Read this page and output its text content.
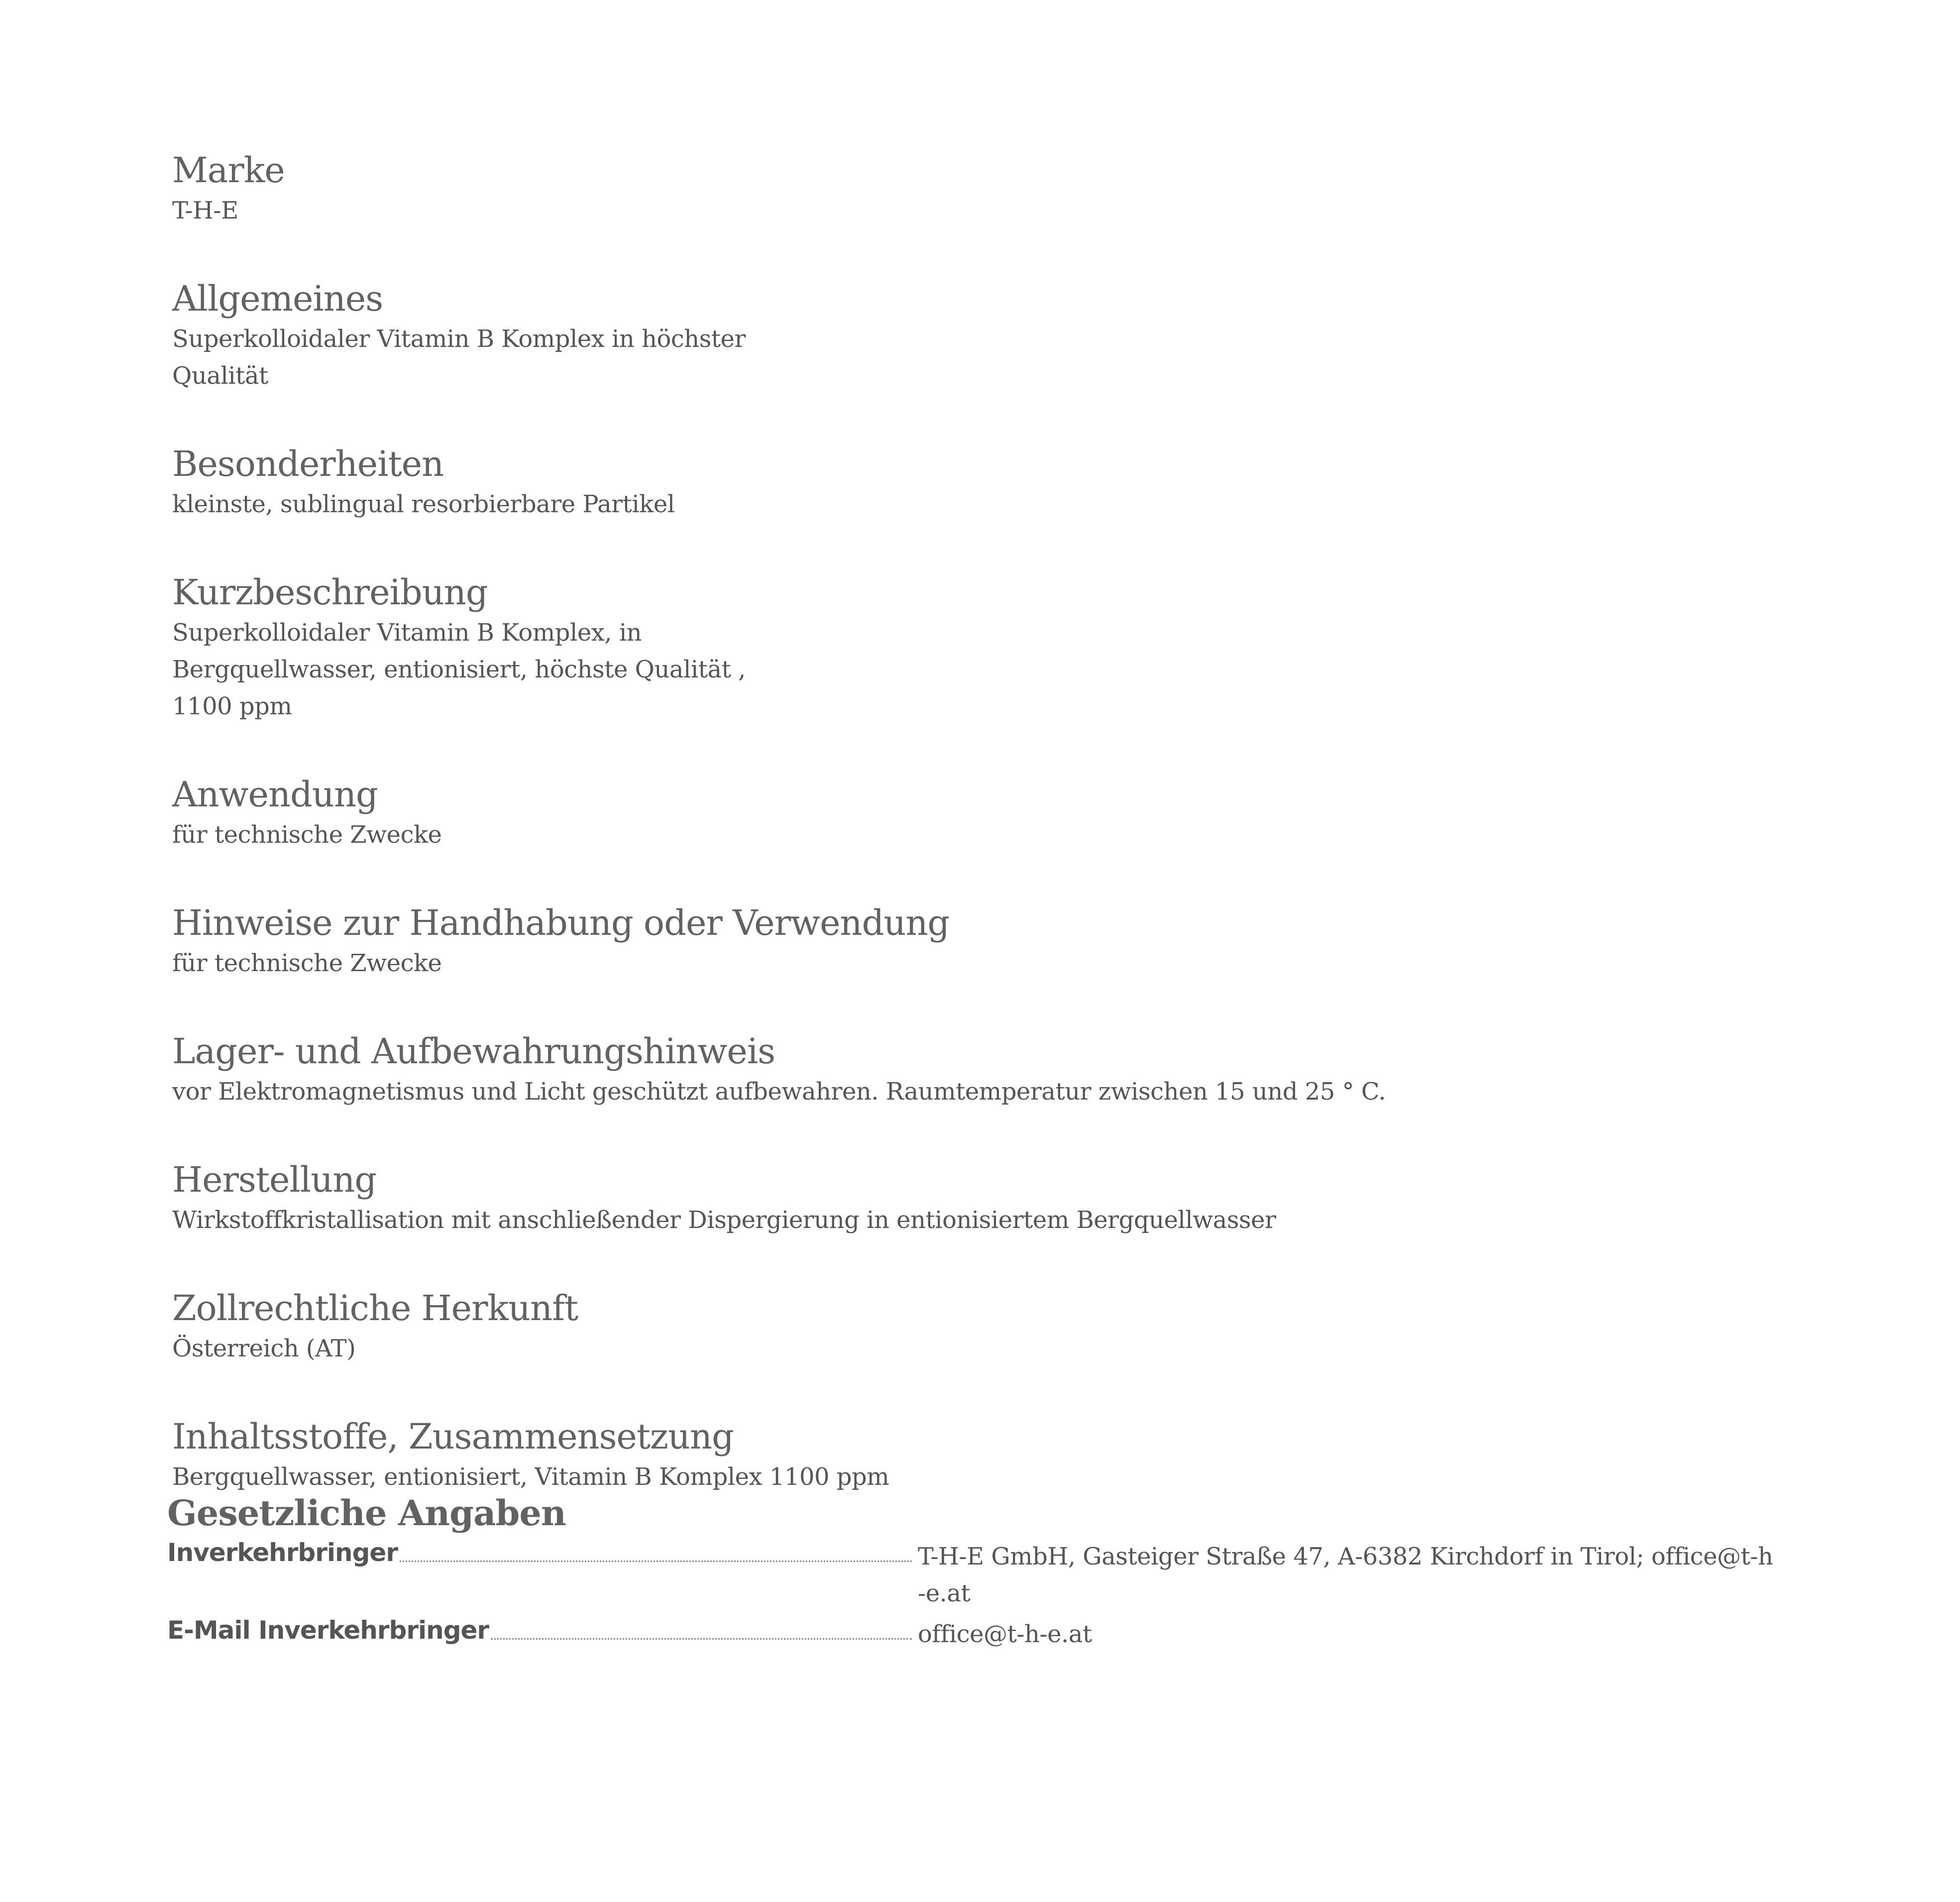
Marke

T-H-E

Allgemeines

Superkolloidaler Vitamin B Komplex in höchster Qualität

Besonderheiten

kleinste, sublingual resorbierbare Partikel

Kurzbeschreibung

Superkolloidaler Vitamin B Komplex, in Bergquellwasser, entionisiert, höchste Qualität , 1100 ppm

Anwendung

für technische Zwecke

Hinweise zur Handhabung oder Verwendung

für technische Zwecke

Lager- und Aufbewahrungshinweis

vor Elektromagnetismus und Licht geschützt aufbewahren. Raumtemperatur zwischen 15 und 25 ° C.

Herstellung

Wirkstoffkristallisation mit anschließender Dispergierung in entionisiertem Bergquellwasser

Zollrechtliche Herkunft

Österreich (AT)

Inhaltsstoffe, Zusammensetzung

Bergquellwasser, entionisiert, Vitamin B Komplex 1100 ppm

Gesetzliche Angaben
Inverkehrbringer	T-H-E GmbH, Gasteiger Straße 47, A-6382 Kirchdorf in Tirol; office@t-h-e.at
E-Mail Inverkehrbringer	office@t-h-e.at
